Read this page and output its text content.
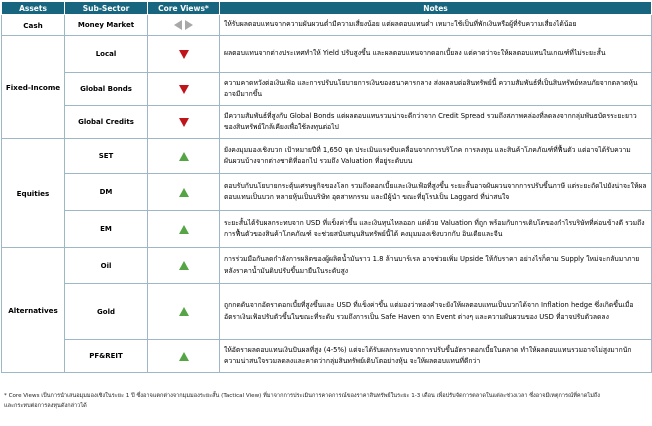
Assets	Sub-Sector	Core Views*	Notes
Cash	Money Market		ให้รับผลตอบแทนจากความผันผวนต่ำมีความเสี่ยงน้อย แต่ผลตอบแทนต่ำ เหมาะใช้เป็นที่พักเงินหรือผู้ที่รับความเสี่ยงได้น้อย
Fixed-Income	Local		ผลตอบแทนจากต่างประเทศทำให้ Yield ปรับสูงขึ้น และผลตอบแทนจากดอกเบี้ยลง แต่คาดว่าจะให้ผลตอบแทนในเกณฑ์ที่ไม่ระยะสั้น
	Global Bonds		ความคาดหวังต่อเงินเฟ้อ และการปรับนโยบายการเงินของธนาคารกลาง ส่งผลลบต่อสินทรัพย์นี้ ความสัมพันธ์ที่เป็นสินทรัพย์หลบภัยจากตลาดหุ้นอาจมีมากขึ้น
	Global Credits		มีความสัมพันธ์ที่สูงกับ Global Bonds แต่ผลตอบแทนรวมน่าจะดีกว่าจาก Credit Spread รวมถึงสภาพคล่องที่ลดลงจากกลุ่มพันธบัตรระยะยาวของสินทรัพย์ใกล้เคียงเพื่อใช้ลงทุนต่อไป
Equities	SET		ยังคงมุมมองเชิงบวก เป้าหมายปีที่ 1,650 จุด ประเมินแรงขับเคลื่อนจากการบริโภค การลงทุน และสินค้าโภคภัณฑ์ที่ฟื้นตัว แต่อาจได้รับความผันผวนบ้างจากต่างชาติที่ออกไป รวมถึง Valuation ที่อยู่ระดับบน
	DM		ตอบรับกับนโยบายกระตุ้นเศรษฐกิจของโลก รวมถึงดอกเบี้ยและเงินเฟ้อที่สูงขึ้น ระยะสั้นอาจผันผวนจากการปรับขึ้นภาษี แต่ระยะถัดไปยังน่าจะให้ผลตอบแทนเป็นบวก หลายหุ้นเป็นบริษัท อุตสาหกรรม และมีผู้นำ ขณะที่ยุโรปเป็น Laggard ที่น่าสนใจ
	EM		ระยะสั้นได้รับผลกระทบจาก USD ที่แข็งค่าขึ้น และเงินทุนไหลออก แต่ด้วย Valuation ที่ถูก พร้อมกับการเติบโตของกำไรบริษัทที่ค่อนข้างดี รวมถึงการฟื้นตัวของสินค้าโภคภัณฑ์ จะช่วยสนับสนุนสินทรัพย์นี้ได้ คงมุมมองเชิงบวกกับ อินเดียและจีน
Alternatives	Oil		การร่วมมือกันลดกำลังการผลิตของผู้ผลิตน้ำมันราว 1.8 ล้านบาร์เรล อาจช่วยเพิ่ม Upside ให้กับราคา อย่างไรก็ตาม Supply ใหม่จะกลับมาภายหลังราคาน้ำมันดิบปรับขึ้นมายืนในระดับสูง
	Gold		ถูกกดดันจากอัตราดอกเบี้ยที่สูงขึ้นและ USD ที่แข็งค่าขึ้น แต่มองว่าทองคำจะยังให้ผลตอบแทนเป็นบวกได้จาก Inflation hedge ซึ่งเกิดขึ้นเมื่ออัตราเงินเฟ้อปรับตัวขึ้นในขณะที่ระดับ รวมถึงการเป็น Safe Haven จาก Event ต่างๆ และความผันผวนของ USD ที่อาจปรับตัวลดลง
	PF&REIT		ให้อัตราผลตอบแทนเงินปันผลที่สูง (4-5%) แต่จะได้รับผลกระทบจากการปรับขึ้นอัตราดอกเบี้ยในตลาด ทำให้ผลตอบแทนรวมอาจไม่สูงมากนัก ความน่าสนใจรวมลดลงและคาดว่ากลุ่มสินทรัพย์เติบโตอย่างหุ้น จะให้ผลตอบแทนที่ดีกว่า
* Core Views เป็นการนำเสนอมุมมองเชิงในระยะ 1 ปี ซึ่งอาจแตกต่างจากมุมมองระยะสั้น (Tactical View) ที่มาจากการประเมินการคาดการณ์ของราคาสินทรัพย์ในระยะ 1-3 เดือน เพื่อปรับจัดการตลาดในแต่ละช่วงเวลา ซึ่งอาจมีเหตุการณ์ที่คาดไม่ถึงและกระทบต่อการลงทุนดังกล่าวได้
